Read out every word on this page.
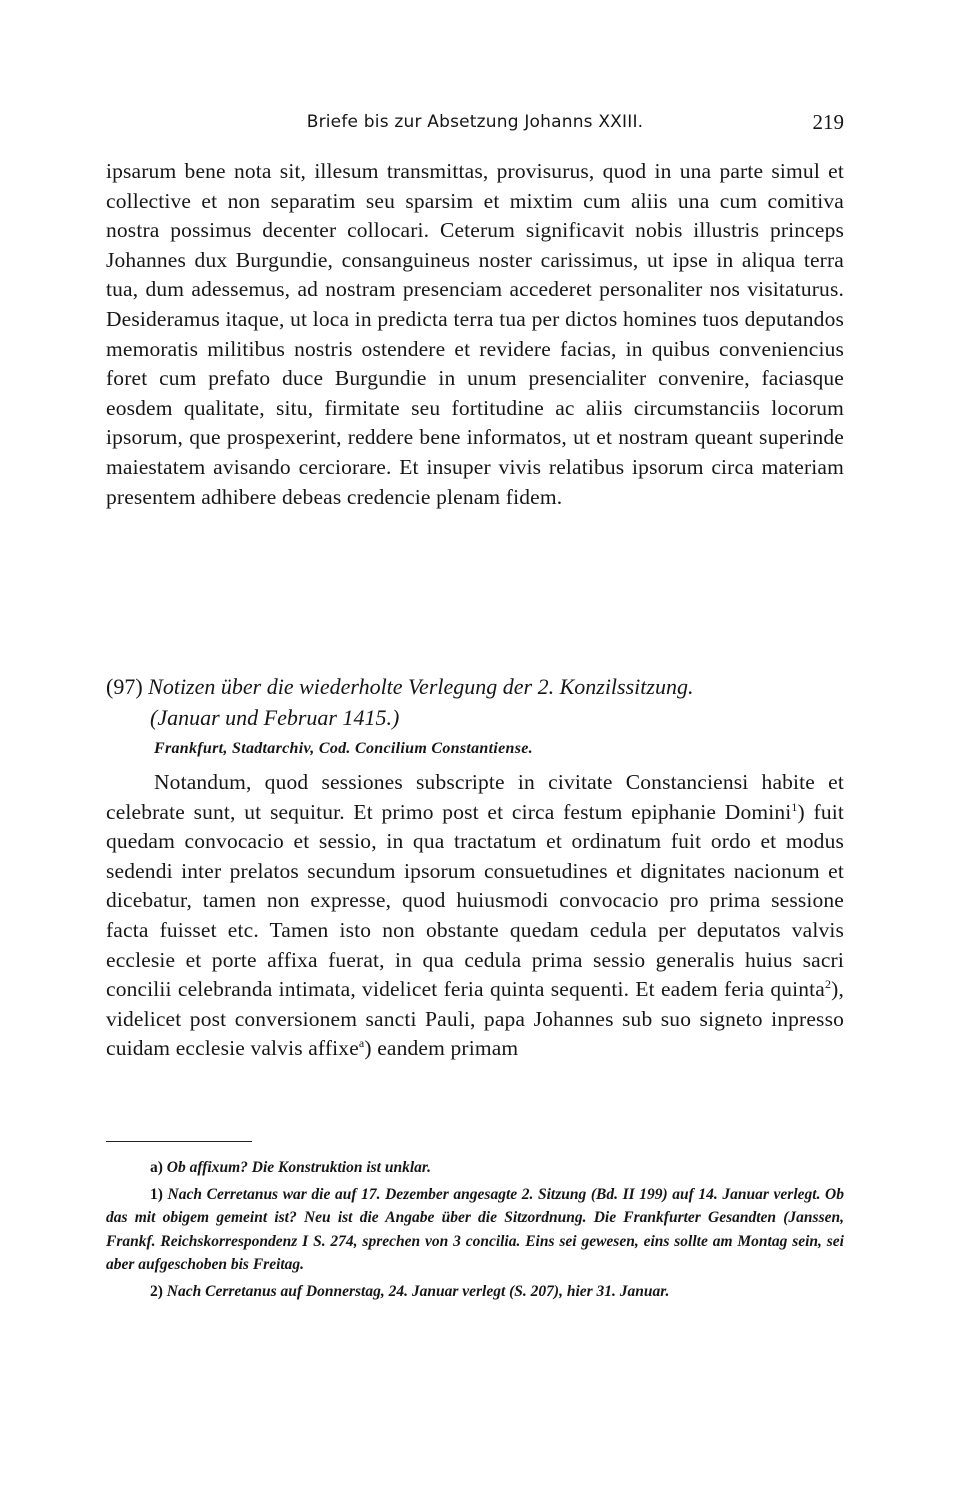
Briefe bis zur Absetzung Johanns XXIII.	219

ipsarum bene nota sit, illesum transmittas, provisurus, quod in una parte simul et collective et non separatim seu sparsim et mixtim cum aliis una cum comitiva nostra possimus decenter collocari. Ceterum significavit nobis illustris princeps Johannes dux Burgundie, consanguineus noster carissimus, ut ipse in aliqua terra tua, dum adessemus, ad nostram presenciam accederet personaliter nos visitaturus. Desideramus itaque, ut loca in predicta terra tua per dictos homines tuos deputandos memoratis militibus nostris ostendere et revidere facias, in quibus conveniencius foret cum prefato duce Burgundie in unum presencialiter convenire, faciasque eosdem qualitate, situ, firmitate seu fortitudine ac aliis circumstanciis locorum ipsorum, que prospexerint, reddere bene informatos, ut et nostram queant superinde maiestatem avisando cerciorare. Et insuper vivis relatibus ipsorum circa materiam presentem adhibere debeas credencie plenam fidem.

(97) Notizen über die wiederholte Verlegung der 2. Konzilssitzung.
(Januar und Februar 1415.)
Frankfurt, Stadtarchiv, Cod. Concilium Constantiense.

Notandum, quod sessiones subscripte in civitate Constanciensi habite et celebrate sunt, ut sequitur. Et primo post et circa festum epiphanie Domini$^1$) fuit quedam convocacio et sessio, in qua tractatum et ordinatum fuit ordo et modus sedendi inter prelatos secundum ipsorum consuetudines et dignitates nacionum et dicebatur, tamen non expresse, quod huiusmodi convocacio pro prima sessione facta fuisset etc. Tamen isto non obstante quedam cedula per deputatos valvis ecclesie et porte affixa fuerat, in qua cedula prima sessio generalis huius sacri concilii celebranda intimata, videlicet feria quinta sequenti. Et eadem feria quinta$^2$), videlicet post conversionem sancti Pauli, papa Johannes sub suo signeto inpresso cuidam ecclesie valvis affixe$^a$) eandem primam

a) Ob affixum? Die Konstruktion ist unklar.

1) Nach Cerretanus war die auf 17. Dezember angesagte 2. Sitzung (Bd. II 199) auf 14. Januar verlegt. Ob das mit obigem gemeint ist? Neu ist die Angabe über die Sitzordnung. Die Frankfurter Gesandten (Janssen, Frankf. Reichskorrespondenz I S. 274, sprechen von 3 concilia. Eins sei gewesen, eins sollte am Montag sein, sei aber aufgeschoben bis Freitag.

2) Nach Cerretanus auf Donnerstag, 24. Januar verlegt (S. 207), hier 31. Januar.
